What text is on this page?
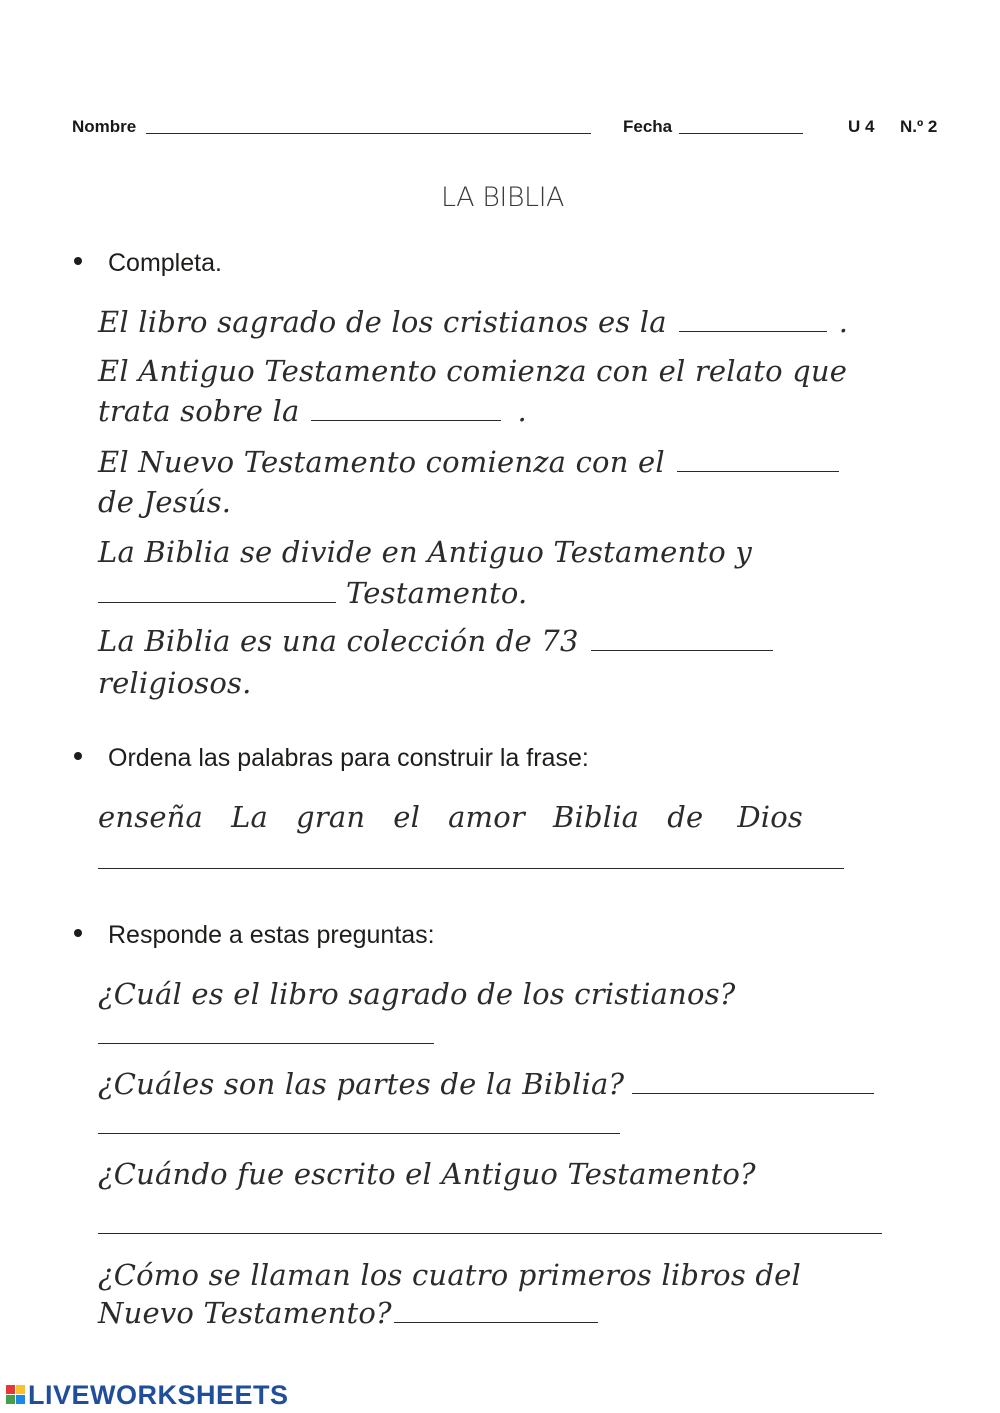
Nombre	Fecha	U 4 N.º 2
LA BIBLIA
Completa.
El libro sagrado de los cristianos es la	.
El Antiguo Testamento comienza con el relato que
trata sobre la	.
El Nuevo Testamento comienza con el
de Jesús.
La Biblia se divide en Antiguo Testamento y
Testamento.
La Biblia es una colección de 73
religiosos.
Ordena las palabras para construir la frase:
enseña La gran el amor Biblia de Dios
Responde a estas preguntas:
¿Cuál es el libro sagrado de los cristianos?
¿Cuáles son las partes de la Biblia?
¿Cuándo fue escrito el Antiguo Testamento?
¿Cómo se llaman los cuatro primeros libros del
Nuevo Testamento?
LIVEWORKSHEETS
